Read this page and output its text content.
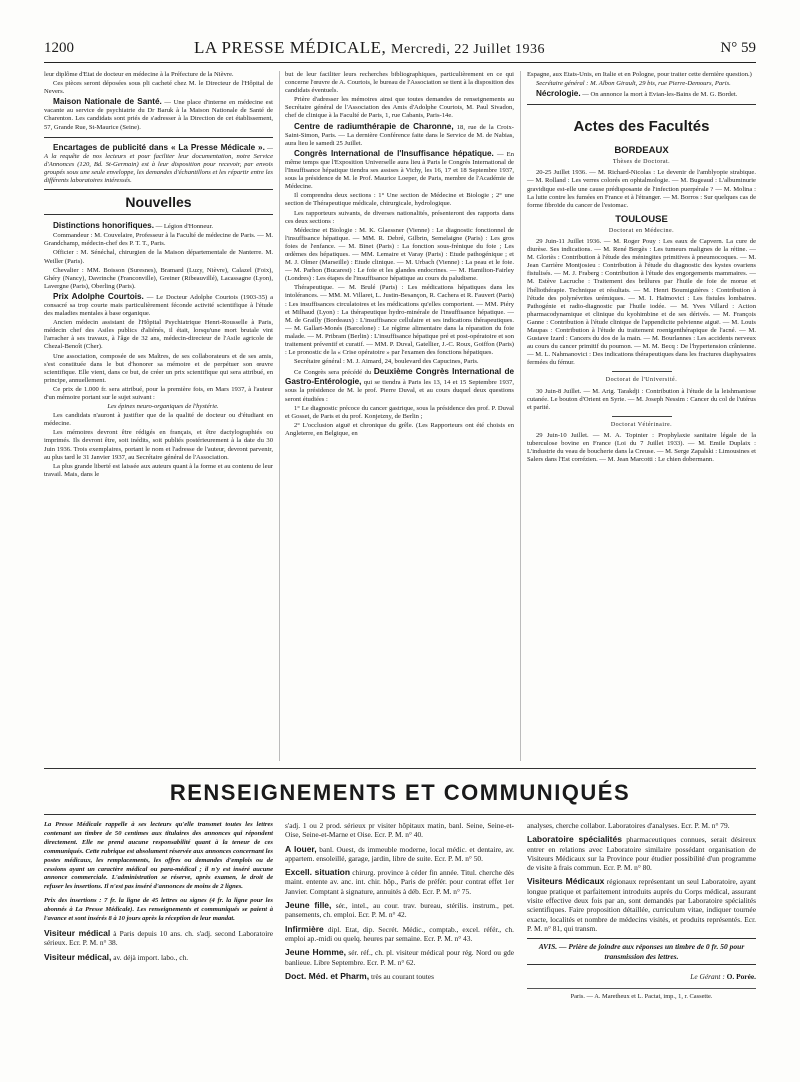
1200	LA PRESSE MÉDICALE, Mercredi, 22 Juillet 1936	N° 59

leur diplôme d'Etat de docteur en médecine à la Préfecture de la Nièvre.

Ces pièces seront déposées sous pli cacheté chez M. le Directeur de l'Hôpital de Nevers.

Maison Nationale de Santé. — Une place d'interne en médecine est vacante au service de psychiatrie du Dr Baruk à la Maison Nationale de Santé de Charenton. Les candidats sont priés de s'adresser à la Direction de cet établissement, 57, Grande Rue, St-Maurice (Seine).

Encartages de publicité dans « La Presse Médicale ». — A la requête de nos lecteurs et pour faciliter leur documentation, notre Service d'Annonces (120, Bd. St-Germain) est à leur disposition pour recevoir, par envois groupés sous une seule enveloppe, les demandes d'échantillons et les répartir entre les différents laboratoires intéressés.

Nouvelles

Distinctions honorifiques. — Légion d'Honneur.

Commandeur : M. Couvelaire, Professeur à la Faculté de médecine de Paris. — M. Grandchamp, médecin-chef des P. T. T., Paris.

Officier : M. Sénéchal, chirurgien de la Maison départementale de Nanterre. M. Weiller (Paris).

Chevalier : MM. Boisson (Suresnes), Bramard (Luzy, Nièvre), Calazel (Foix), Ghéry (Nancy), Davrinche (Franconville), Greiner (Ribeauvillé), Lacassagne (Lyon), Lavergne (Paris), Oberling (Paris).

Prix Adolphe Courtois. — Le Docteur Adolphe Courtois (1903-35) a consacré sa trop courte mais particulièrement féconde activité scientifique à l'étude des maladies mentales à base organique.

Ancien médecin assistant de l'Hôpital Psychiatrique Henri-Rousselle à Paris, médecin chef des Asiles publics d'aliénés, il était, lorsqu'une mort brutale vint l'arracher à ses travaux, à l'âge de 32 ans, médecin-directeur de l'Asile agricole de Chezal-Benoît (Cher).

Une association, composée de ses Maîtres, de ses collaborateurs et de ses amis, s'est constituée dans le but d'honorer sa mémoire et de perpétuer son œuvre scientifique. Elle vient, dans ce but, de créer un prix scientifique qui sera attribué, en principe, annuellement.

Ce prix de 1.000 fr. sera attribué, pour la première fois, en Mars 1937, à l'auteur d'un mémoire portant sur le sujet suivant :

Les épines neuro-organiques de l'hystérie.

Les candidats n'auront à justifier que de la qualité de docteur ou d'étudiant en médecine.

Les mémoires devront être rédigés en français, et être dactylographiés ou imprimés. Ils devront être, soit inédits, soit publiés postérieurement à la date du 30 Juin 1936. Trois exemplaires, portant le nom et l'adresse de l'auteur, devront parvenir, au plus tard le 31 Janvier 1937, au Secrétaire général de l'Association.

La plus grande liberté est laissée aux auteurs quant à la forme et au contenu de leur travail. Mais, dans le

but de leur faciliter leurs recherches bibliographiques, particulièrement en ce qui concerne l'œuvre de A. Courtois, le bureau de l'Association se tient à la disposition des candidats éventuels.

Prière d'adresser les mémoires ainsi que toutes demandes de renseignements au Secrétaire général de l'Association des Amis d'Adolphe Courtois, M. Paul Sivadon, chef de clinique à la Faculté de Paris, 1, rue Cabanis, Paris-14e.

Centre de radiumthérapie de Charonne, 18, rue de la Croix-Saint-Simon, Paris. — La dernière Conférence faite dans le Service de M. de Nabias, aura lieu le samedi 25 Juillet.

Congrès International de l'Insuffisance hépatique. — En même temps que l'Exposition Universelle aura lieu à Paris le Congrès International de l'Insuffisance hépatique tiendra ses assises à Vichy, les 16, 17 et 18 Septembre 1937, sous la présidence de M. le Prof. Maurice Loeper, de Paris, membre de l'Académie de Médecine.

Il comprendra deux sections : 1° Une section de Médecine et Biologie ; 2° une section de Thérapeutique médicale, chirurgicale, hydrologique.

Les rapporteurs suivants, de diverses nationalités, présenteront des rapports dans ces deux sections :

Médecine et Biologie : M. K. Glaessner (Vienne) : Le diagnostic fonctionnel de l'insuffisance hépatique. — MM. R. Debré, Gilbrin, Semelaigne (Paris) : Les gros foies de l'enfance. — M. Binet (Paris) : La fonction sous-frénique du foie ; Les œdèmes des hépatiques. — MM. Lemaire et Varay (Paris) : Etude pathogénique ; et M. J. Olmer (Marseille) : Etude clinique. — M. Urbach (Vienne) : La peau et le foie. — M. Parhon (Bucarest) : Le foie et les glandes endocrines. — M. Hamilton-Fairley (Londres) : Les étapes de l'insuffisance hépatique au cours du paludisme.

Thérapeutique. — M. Brulé (Paris) : Les médications hépatiques dans les intolérances. — MM. M. Villaret, L. Justin-Besançon, R. Cachera et R. Fauvert (Paris) : Les insuffisances circulatoires et les médications qu'elles comportent. — MM. Piéry et Milhaud (Lyon) : La thérapeutique hydro-minérale de l'insuffisance hépatique. — M. de Grailly (Bordeaux) : L'insuffisance cellulaire et ses indications thérapeutiques. — M. Gallart-Monés (Barcelone) : Le régime alimentaire dans la réparation du foie malade. — M. Pribram (Berlin) : L'insuffisance hépatique pré et post-opératoire et son traitement préventif et curatif. — MM. P. Duval, Gatellier, J.-C. Roux, Goiffon (Paris) : Le pronostic de la « Crise opératoire » par l'examen des fonctions hépatiques.

Secrétaire général : M. J. Aimard, 24, boulevard des Capucines, Paris.

Ce Congrès sera précédé du Deuxième Congrès International de Gastro-Entérologie, qui se tiendra à Paris les 13, 14 et 15 Septembre 1937, sous la présidence de M. le prof. Pierre Duval, et au cours duquel deux questions seront étudiées :

1° Le diagnostic précoce du cancer gastrique, sous la présidence des prof. P. Duval et Gosset, de Paris et du prof. Konjetzny, de Berlin ;

2° L'occlusion aiguë et chronique du grêle. (Les Rapporteurs ont été choisis en Angleterre, en Belgique, en

Espagne, aux Etats-Unis, en Italie et en Pologne, pour traiter cette dernière question.)

Secrétaire général : M. Albon Girault, 29 bis, rue Pierre-Demours, Paris.

Nécrologie. — On annonce la mort à Evian-les-Bains de M. G. Bordet.

Actes des Facultés
BORDEAUX
Thèses de Doctorat.

20-25 Juillet 1936. — M. Richard-Nicolas : Le devenir de l'amblyopie strabique. — M. Rolland : Les verres colorés en ophtalmologie. — M. Bugeaud : L'albuminurie gravidique est-elle une cause prédisposante de l'infection puerpérale ? — M. Molina : La lutte contre les fumées en France et à l'étranger. — M. Borros : Sur quelques cas de forme fibroïde du cancer de l'estomac.

TOULOUSE
Doctorat en Médecine.

29 Juin-11 Juillet 1936. — M. Roger Pouy : Les eaux de Capvern. La cure de diurèse. Ses indications. — M. René Bergès : Les tumeurs malignes de la rétine. — M. Gloriès : Contribution à l'étude des méningites primitives à pneumocoques. — M. Jean Carrière Montjosieu : Contribution à l'étude du diagnostic des kystes ovariens fistulisés. — M. J. Fraberg : Contribution à l'étude des engorgements mammaires. — M. Estève Lacruche : Traitement des brûlures par l'huile de foie de morue et l'héliothérapie. Technique et résultats. — M. Henri Boumiguières : Contribution à l'étude des polynévrites urémiques. — M. I. Haïmovici : Les fistules lombaires. Pathogénie et radio-diagnostic par l'huile iodée. — M. Yves Villard : Action pharmacodynamique et clinique du kyohimbine et de ses dérivés. — M. François Ganne : Contribution à l'étude clinique de l'appendicite pelvienne aiguë. — M. Louis Maupas : Contribution à l'étude du traitement roentgenthérapique de l'acné. — M. Gustave Izard : Cancers du dos de la main. — M. Bourlannes : Les accidents nerveux au cours du cancer primitif du poumon. — M. M. Becq : De l'hypertension crânienne. — M. L. Nahmanovici : Des indications thérapeutiques dans les fractures diaphysaires fermées du fémur.

Doctorat de l'Université.

30 Juin-8 Juillet. — M. Arig. Tarakdji : Contribution à l'étude de la leishmaniose cutanée. Le bouton d'Orient en Syrie. — M. Joseph Nessim : Cancer du col de l'utérus et parité.

Doctorat Vétérinaire.

29 Juin-10 Juillet. — M. A. Topinier : Prophylaxie sanitaire légale de la tuberculose bovine en France (Loi du 7 Juillet 1933). — M. Emile Duplaix : L'industrie du veau de boucherie dans la Creuse. — M. Serge Zapalski : Limousines et Salers dans l'Est corrézien. — M. Jean Marcotti : Le chien dobermann.

RENSEIGNEMENTS ET COMMUNIQUÉS

La Presse Médicale rappelle à ses lecteurs qu'elle transmet toutes les lettres contenant un timbre de 50 centimes aux titulaires des annonces qui répondent directement. Elle ne prend aucune responsabilité quant à la teneur de ces communiqués. Cette rubrique est absolument réservée aux annonces concernant les postes médicaux, les remplacements, les offres ou demandes d'emplois ou de cessions ayant un caractère médical ou para-médical ; il n'y est inséré aucune annonce commerciale. L'administration se réserve, après examen, le droit de refuser les insertions. Il n'est pas inséré d'annonces de moins de 2 lignes.

Prix des insertions : 7 fr. la ligne de 45 lettres ou signes (4 fr. la ligne pour les abonnés à La Presse Médicale). Les renseignements et communiqués se paient à l'avance et sont insérés 8 à 10 jours après la réception de leur mandat.

Visiteur médical à Paris depuis 10 ans. ch. s'adj. second Laboratoire sérieux. Ecr. P. M. n° 38.

Visiteur médical, av. déjà import. labo., ch.

s'adj. 1 ou 2 prod. sérieux pr visiter hôpitaux matin, banl. Seine, Seine-et-Oise, Seine-et-Marne et Oise. Ecr. P. M. n° 40.

A louer, banl. Ouest, ds immeuble moderne, local médic. et dentaire, av. appartem. ensoleillé, garage, jardin, libre de suite. Ecr. P. M. n° 50.

Excell. situation chirurg. province à céder fin année. Titul. cherche dès maint. entente av. anc. int. chir. hôp., Paris de préfér. pour contrat effet 1er Janvier. Comptant à signature, annuités à déb. Ecr. P. M. n° 75.

Jeune fille, sér., intel., au cour. trav. bureau, stérilis. instrum., pet. pansements, ch. emploi. Ecr. P. M. n° 42.

Infirmière dipl. Etat, dip. Secrét. Médic., comptab., excel. référ., ch. emploi ap.-midi ou quelq. heures par semaine. Ecr. P. M. n° 43.

Jeune Homme, sér. réf., ch. pl. visiteur médical pour rég. Nord ou gde banlieue. Libre Septembre. Ecr. P. M. n° 62.

Doct. Méd. et Pharm, très au courant toutes

analyses, cherche collabor. Laboratoires d'analyses. Ecr. P. M. n° 79.

Laboratoire spécialités pharmaceutiques connues, serait désireux entrer en relations avec Laboratoire similaire possédant organisation de Visiteurs Médicaux sur la Province pour étudier possibilité d'un programme de visite à frais commun. Ecr. P. M. n° 80.

Visiteurs Médicaux régionaux représentant un seul Laboratoire, ayant longue pratique et parfaitement introduits auprès du Corps médical, assurant visite effective deux fois par an, sont demandés par Laboratoire spécialités scientifiques. Faire proposition détaillée, curriculum vitae, indiquer tournée exacte, localités et nombre de médecins visités, et produits représentés. Ecr. P. M. n° 81, qui transm.

AVIS. — Prière de joindre aux réponses un timbre de 0 fr. 50 pour transmission des lettres.
Le Gérant : O. Porée.
Paris. — A. Maretheux et L. Pactat, imp., 1, r. Cassette.
